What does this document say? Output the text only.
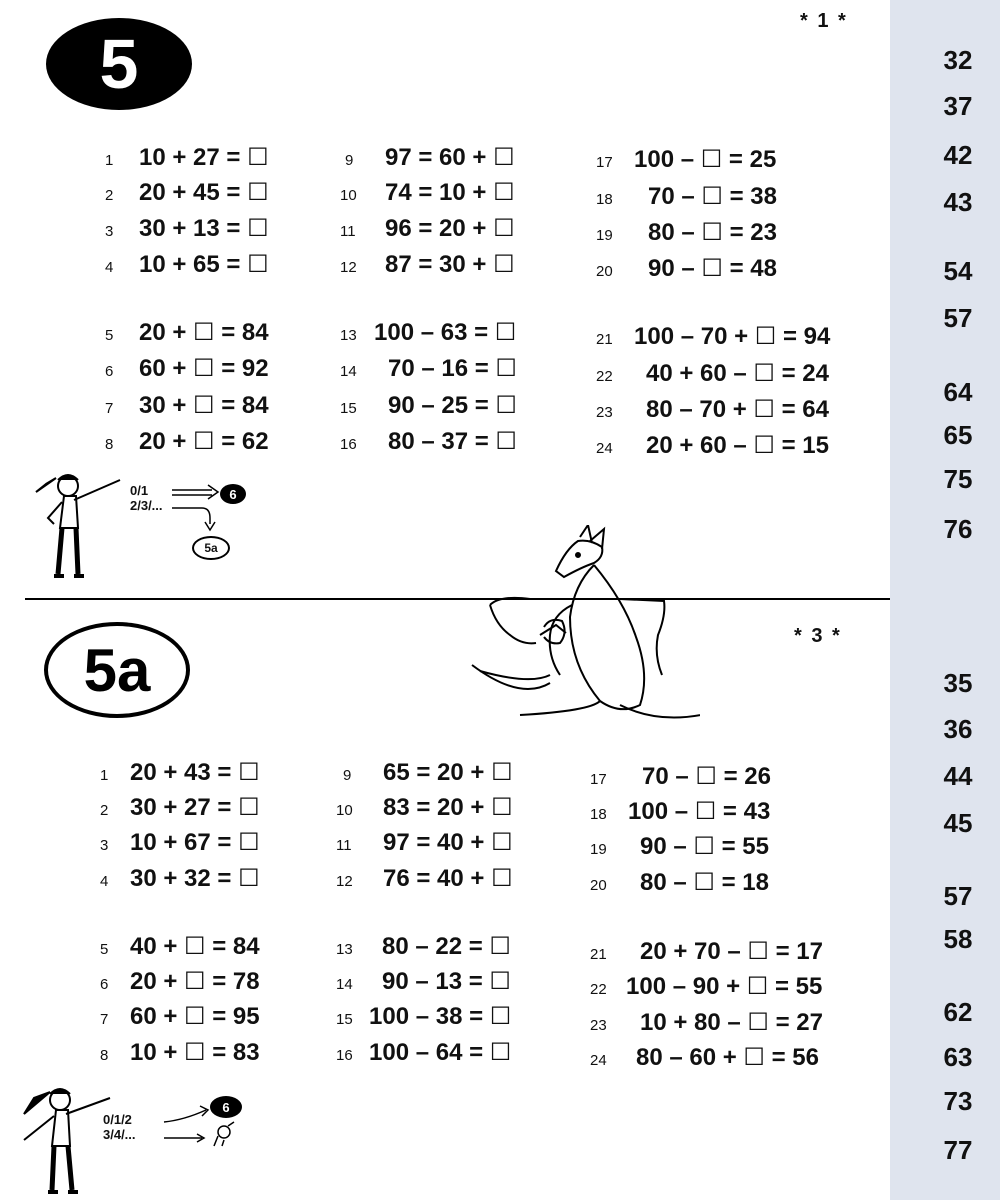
32
37
42
43
54
57
64
65
75
76
35
36
44
45
57
58
62
63
73
77
5
* 1 *
1	10 + 27 = ☐
2	20 + 45 = ☐
3	30 + 13 = ☐
4	10 + 65 = ☐
5	20 + ☐ = 84
6	60 + ☐ = 92
7	30 + ☐ = 84
8	20 + ☐ = 62
9	97 = 60 + ☐
10	74 = 10 + ☐
11	96 = 20 + ☐
12	87 = 30 + ☐
13 100 – 63 = ☐
14	70 – 16 = ☐
15	90 – 25 = ☐
16	80 – 37 = ☐
17 100 – ☐ = 25
18	70 – ☐ = 38
19	80 – ☐ = 23
20	90 – ☐ = 48
21 100 – 70 + ☐ = 94
22	40 + 60 – ☐ = 24
23	80 – 70 + ☐ = 64
24	20 + 60 – ☐ = 15
0/1
2/3/...
6
5a
* 3 *
5a
1 20 + 43 = ☐
2 30 + 27 = ☐
3 10 + 67 = ☐
4 30 + 32 = ☐
5 40 + ☐ = 84
6 20 + ☐ = 78
7 60 + ☐ = 95
8 10 + ☐ = 83
9	65 = 20 + ☐
10	83 = 20 + ☐
11	97 = 40 + ☐
12	76 = 40 + ☐
13	80 – 22 = ☐
14	90 – 13 = ☐
15 100 – 38 = ☐
16 100 – 64 = ☐
17	70 – ☐ = 26
18 100 – ☐ = 43
19	90 – ☐ = 55
20	80 – ☐ = 18
21	20 + 70 – ☐ = 17
22 100 – 90 + ☐ = 55
23	10 + 80 – ☐ = 27
24	80 – 60 + ☐ = 56
0/1/2
3/4/...
6
